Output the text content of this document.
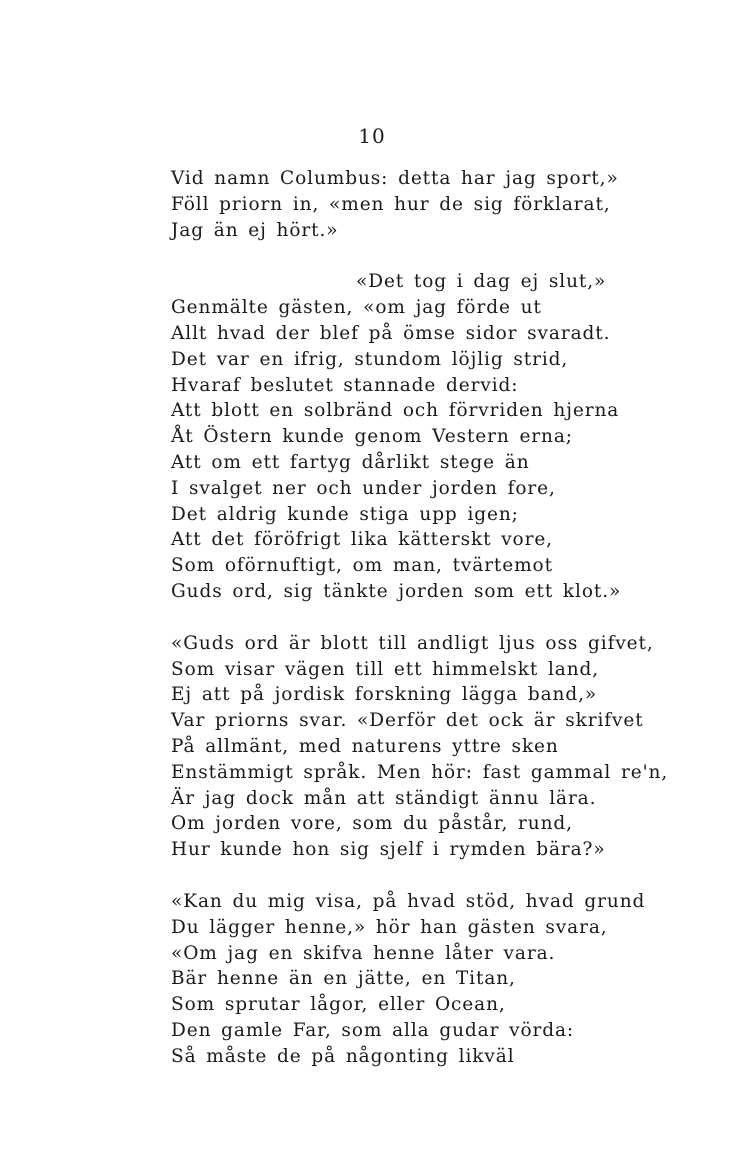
10
Vid namn Columbus: detta har jag sport,»
Föll priorn in, «men hur de sig förklarat,
Jag än ej hört.»
«Det tog i dag ej slut,»
Genmälte gästen, «om jag förde ut
Allt hvad der blef på ömse sidor svaradt.
Det var en ifrig, stundom löjlig strid,
Hvaraf beslutet stannade dervid:
Att blott en solbränd och förvriden hjerna
Åt Östern kunde genom Vestern erna;
Att om ett fartyg dårlikt stege än
I svalget ner och under jorden fore,
Det aldrig kunde stiga upp igen;
Att det föröfrigt lika kätterskt vore,
Som oförnuftigt, om man, tvärtemot
Guds ord, sig tänkte jorden som ett klot.»
«Guds ord är blott till andligt ljus oss gifvet,
Som visar vägen till ett himmelskt land,
Ej att på jordisk forskning lägga band,»
Var priorns svar. «Derför det ock är skrifvet
På allmänt, med naturens yttre sken
Enstämmigt språk. Men hör: fast gammal re'n,
Är jag dock mån att ständigt ännu lära.
Om jorden vore, som du påstår, rund,
Hur kunde hon sig sjelf i rymden bära?»
«Kan du mig visa, på hvad stöd, hvad grund
Du lägger henne,» hör han gästen svara,
«Om jag en skifva henne låter vara.
Bär henne än en jätte, en Titan,
Som sprutar lågor, eller Ocean,
Den gamle Far, som alla gudar vörda:
Så måste de på någonting likväl
